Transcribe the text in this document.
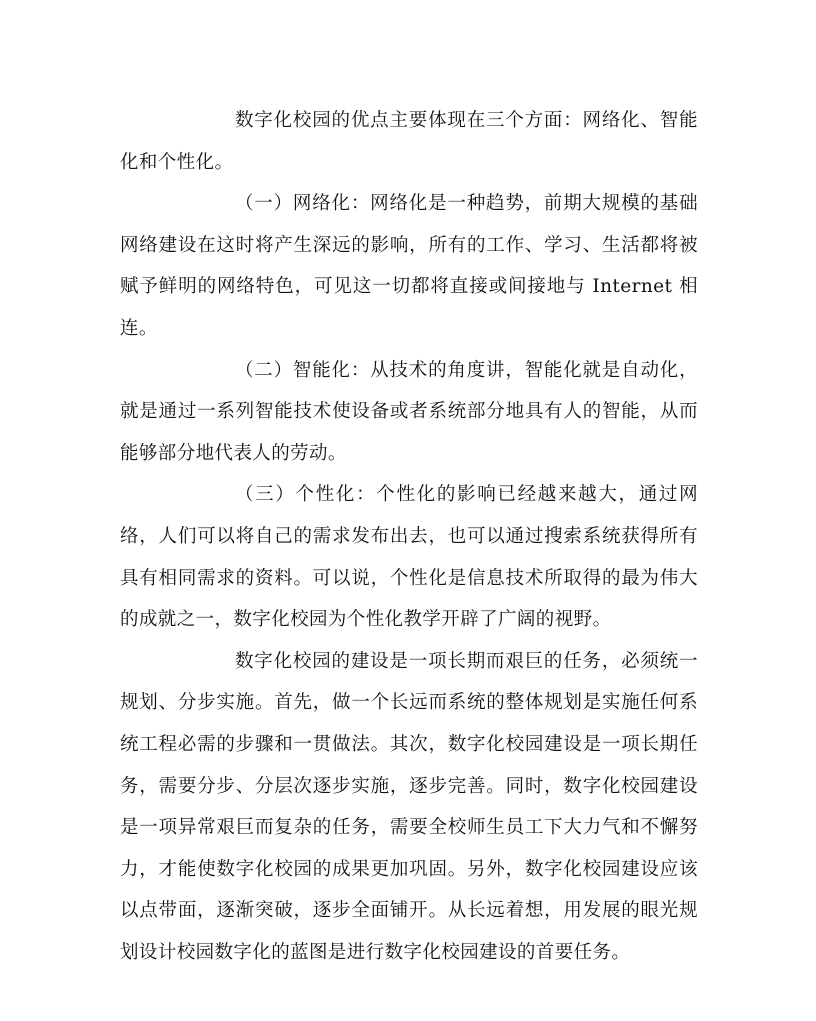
数字化校园的优点主要体现在三个方面：网络化、智能化和个性化。

（一）网络化：网络化是一种趋势，前期大规模的基础网络建设在这时将产生深远的影响，所有的工作、学习、生活都将被赋予鲜明的网络特色，可见这一切都将直接或间接地与 Internet 相连。

（二）智能化：从技术的角度讲，智能化就是自动化，就是通过一系列智能技术使设备或者系统部分地具有人的智能，从而能够部分地代表人的劳动。

（三）个性化：个性化的影响已经越来越大，通过网络，人们可以将自己的需求发布出去，也可以通过搜索系统获得所有具有相同需求的资料。可以说，个性化是信息技术所取得的最为伟大的成就之一，数字化校园为个性化教学开辟了广阔的视野。

数字化校园的建设是一项长期而艰巨的任务，必须统一规划、分步实施。首先，做一个长远而系统的整体规划是实施任何系统工程必需的步骤和一贯做法。其次，数字化校园建设是一项长期任务，需要分步、分层次逐步实施，逐步完善。同时，数字化校园建设是一项异常艰巨而复杂的任务，需要全校师生员工下大力气和不懈努力，才能使数字化校园的成果更加巩固。另外，数字化校园建设应该以点带面，逐渐突破，逐步全面铺开。从长远着想，用发展的眼光规划设计校园数字化的蓝图是进行数字化校园建设的首要任务。
